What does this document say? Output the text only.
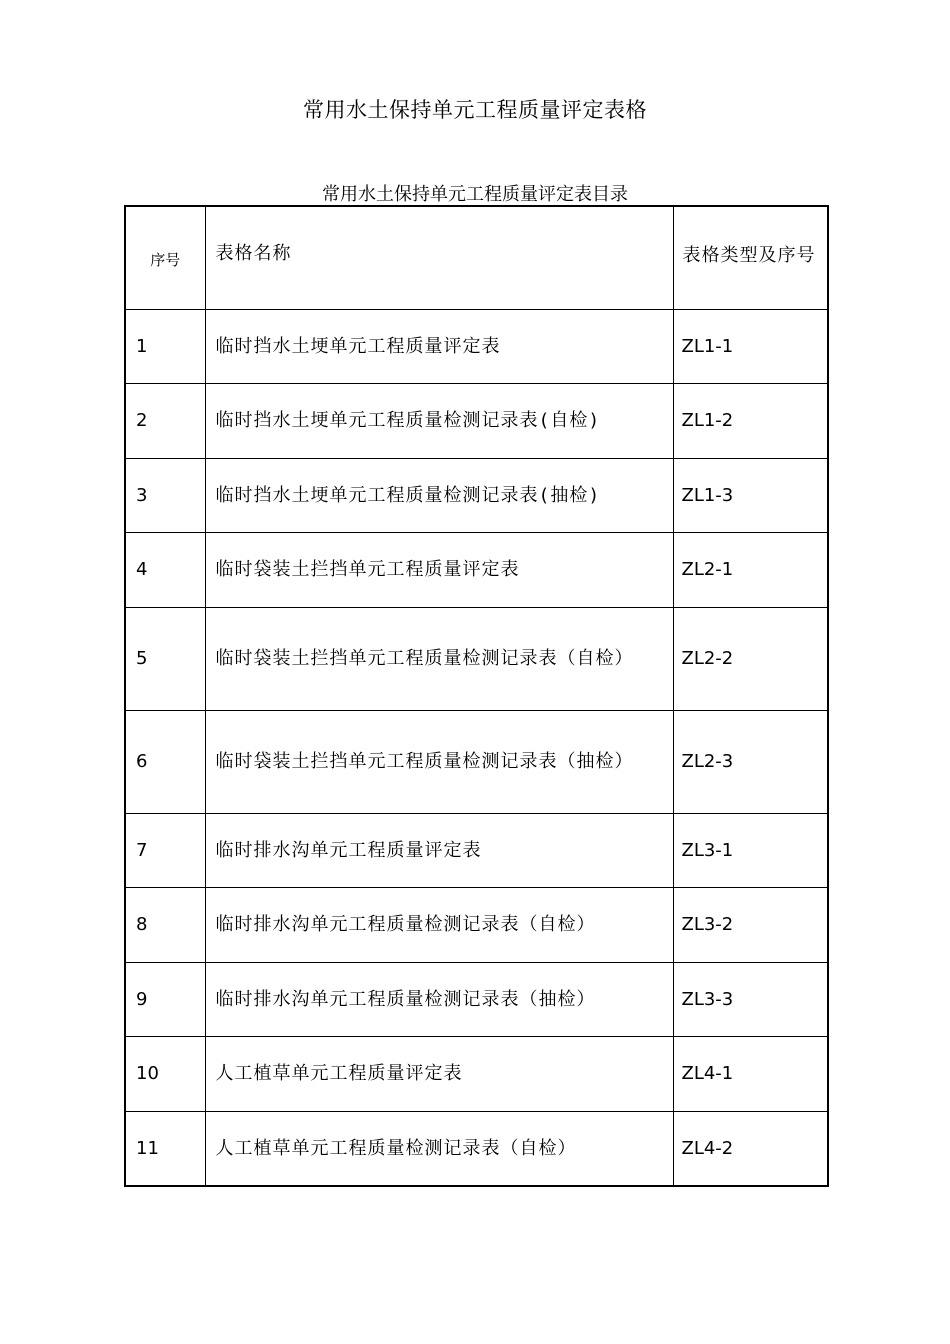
常用水土保持单元工程质量评定表格
常用水土保持单元工程质量评定表目录
序号	表格名称	表格类型及序号
1	临时挡水土埂单元工程质量评定表	ZL1-1
2	临时挡水土埂单元工程质量检测记录表(自检)	ZL1-2
3	临时挡水土埂单元工程质量检测记录表(抽检)	ZL1-3
4	临时袋装土拦挡单元工程质量评定表	ZL2-1
5	临时袋装土拦挡单元工程质量检测记录表（自检）	ZL2-2
6	临时袋装土拦挡单元工程质量检测记录表（抽检）	ZL2-3
7	临时排水沟单元工程质量评定表	ZL3-1
8	临时排水沟单元工程质量检测记录表（自检）	ZL3-2
9	临时排水沟单元工程质量检测记录表（抽检）	ZL3-3
10	人工植草单元工程质量评定表	ZL4-1
11	人工植草单元工程质量检测记录表（自检）	ZL4-2
